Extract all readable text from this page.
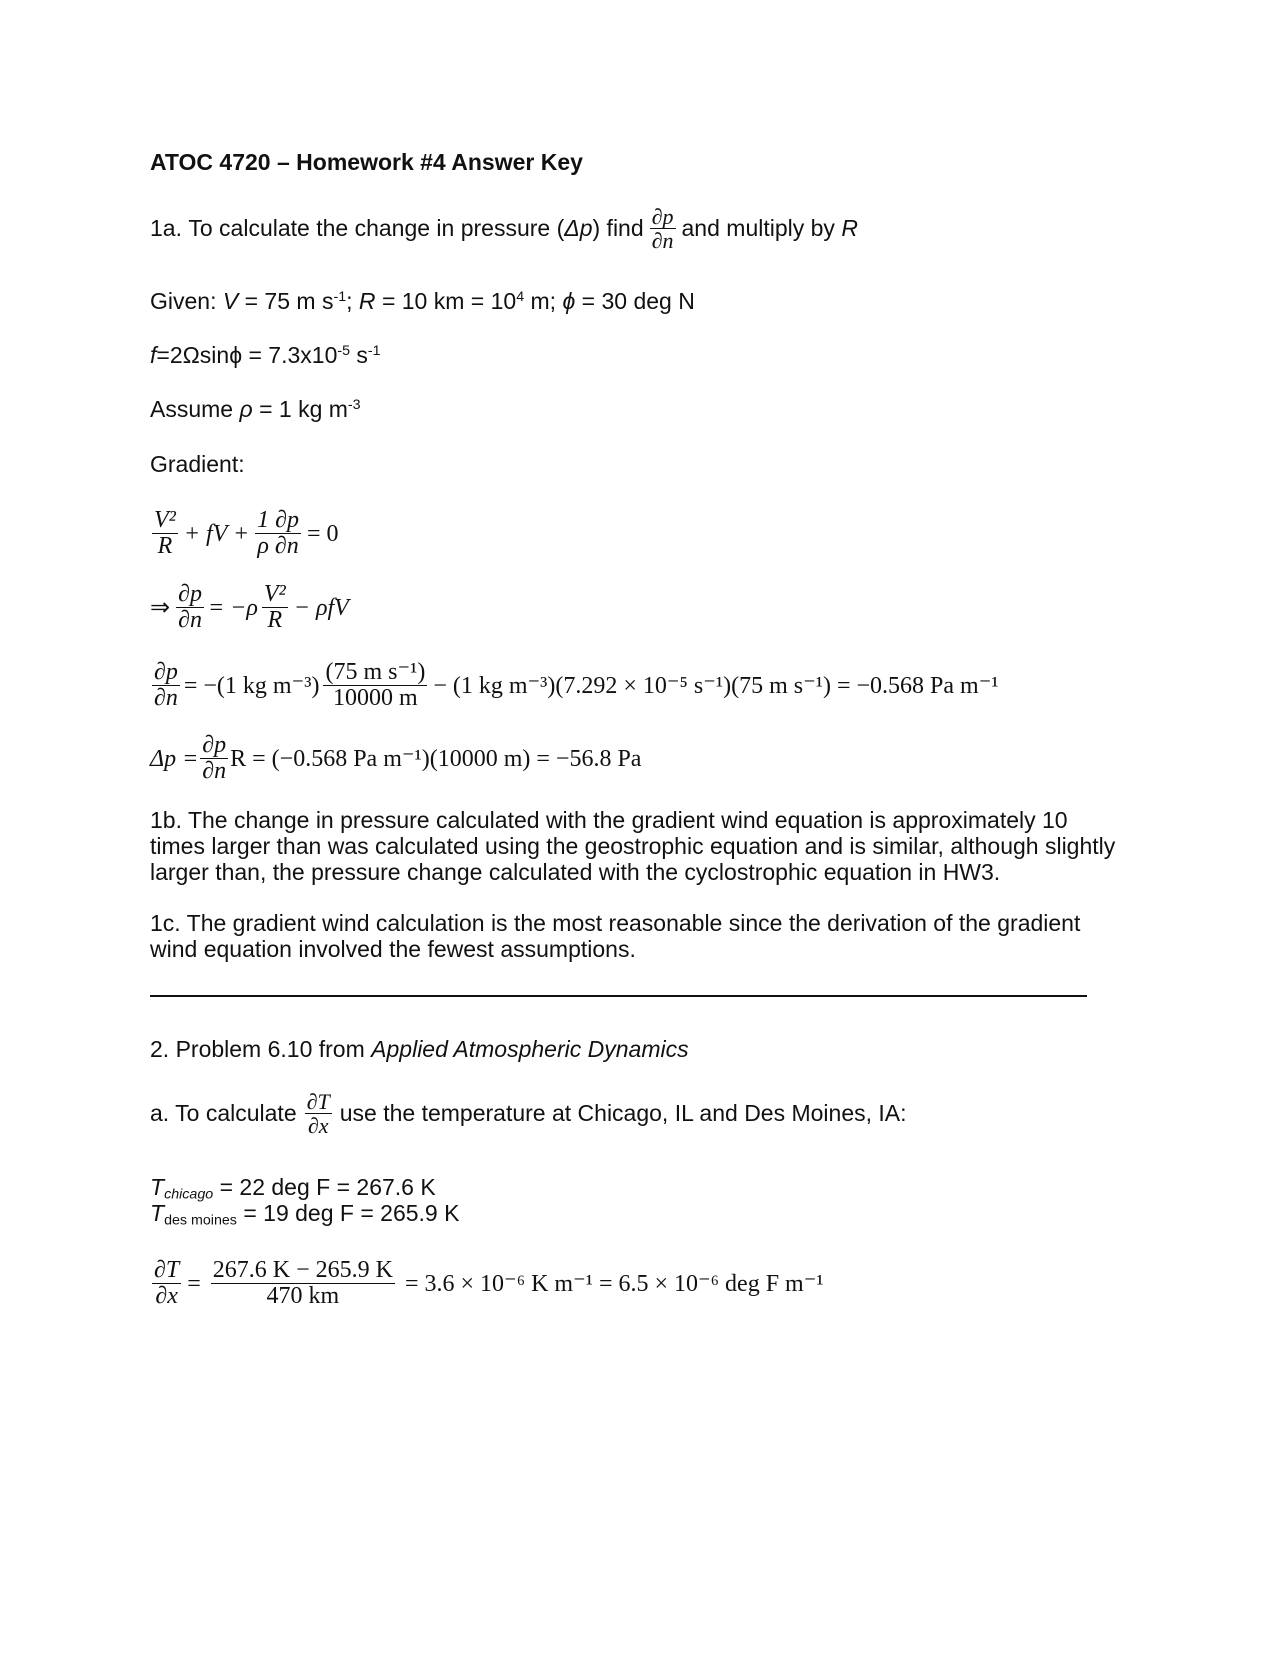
ATOC 4720 – Homework #4 Answer Key
1a.
To calculate the change in pressure ( Δp ) find $\frac{\partial p}{\partial n}$ and multiply by
R
Given: V = 75 m $s^{-1}$; R = 10 km = $10^4$ m; ϕ = 30 deg N
$f=2\Omega\sin\phi = 7.3x10^{-5}$ $s^{-1}$
Assume ρ = 1 kg $m^{-3}$
Gradient:
$\frac{\text{V²}}{R}$ + fV + $\frac{1 \partial p}{\rho \partial n} = 0$
⇒ $\frac{\partial p}{\partial n} = -\rho \frac{\text{V²}}{R} - \rho fV$
$\frac{\partial p}{\partial n} = -(1$ kg $m^{-3}) \frac{\text{(75 m s⁻¹)}}{10000 m} - (1$ kg m⁻³)(7.292 × 10⁻⁵ s⁻¹)(75 m s⁻¹) = −0.568 Pa m⁻¹
$\Delta p = \frac{\partial p}{\partial n}$ R = (−0.568 Pa m⁻¹)(10000 m) = −56.8 Pa
1b. The change in pressure calculated with the gradient wind equation is approximately 10
times larger than was calculated using the geostrophic equation and is similar, although slightly
larger than, the pressure change calculated with the cyclostrophic equation in HW3.
1c. The gradient wind calculation is the most reasonable since the derivation of the gradient
wind equation involved the fewest assumptions.
2. Problem 6.10 from Applied Atmospheric Dynamics
a. To calculate $\frac{\partial T}{\partial x}$ use the temperature at Chicago, IL and Des Moines, IA:
$T_{chicago} = 22$ deg F = 267.6 K
$T_{des moines} = 19$ deg F = 265.9 K
$\frac{\partial T}{\partial x} = \frac{267.6 K - 265.9 K}{470 km} = 3.6 \times 10^{-6}$ K m⁻¹ = 6.5 × 10⁻⁶ deg F m⁻¹
